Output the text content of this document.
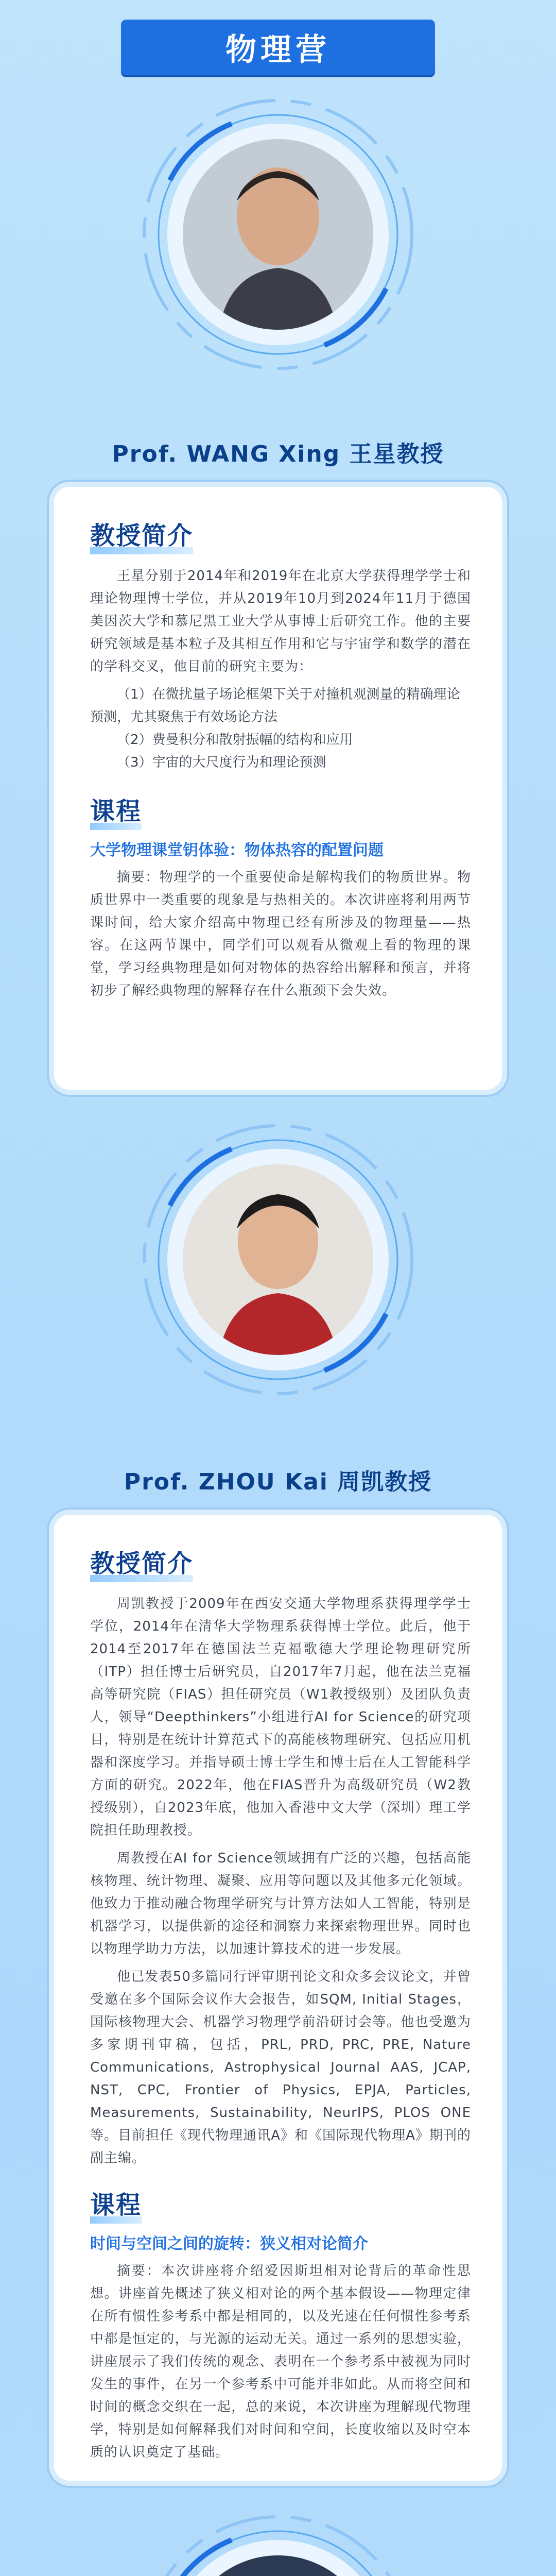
物理营
Prof. WANG Xing 王星教授
教授简介

王星分别于2014年和2019年在北京大学获得理学学士和理论物理博士学位，并从2019年10月到2024年11月于德国美因茨大学和慕尼黑工业大学从事博士后研究工作。他的主要研究领域是基本粒子及其相互作用和它与宇宙学和数学的潜在的学科交叉，他目前的研究主要为：

（1）在微扰量子场论框架下关于对撞机观测量的精确理论预测，尤其聚焦于有效场论方法

（2）费曼积分和散射振幅的结构和应用

（3）宇宙的大尺度行为和理论预测

课程
大学物理课堂钥体验：物体热容的配置问题

摘要：物理学的一个重要使命是解构我们的物质世界。物质世界中一类重要的现象是与热相关的。本次讲座将利用两节课时间，给大家介绍高中物理已经有所涉及的物理量——热容。在这两节课中，同学们可以观看从微观上看的物理的课堂，学习经典物理是如何对物体的热容给出解释和预言，并将初步了解经典物理的解释存在什么瓶颈下会失效。

Prof. ZHOU Kai 周凯教授
教授简介

周凯教授于2009年在西安交通大学物理系获得理学学士学位，2014年在清华大学物理系获得博士学位。此后，他于2014至2017年在德国法兰克福歌德大学理论物理研究所（ITP）担任博士后研究员，自2017年7月起，他在法兰克福高等研究院（FIAS）担任研究员（W1教授级别）及团队负责人，领导“Deepthinkers”小组进行AI for Science的研究项目，特别是在统计计算范式下的高能核物理研究、包括应用机器和深度学习。并指导硕士博士学生和博士后在人工智能科学方面的研究。2022年，他在FIAS晋升为高级研究员（W2教授级别），自2023年底，他加入香港中文大学（深圳）理工学院担任助理教授。

周教授在AI for Science领域拥有广泛的兴趣，包括高能核物理、统计物理、凝聚、应用等问题以及其他多元化领域。他致力于推动融合物理学研究与计算方法如人工智能，特别是机器学习，以提供新的途径和洞察力来探索物理世界。同时也以物理学助力方法，以加速计算技术的进一步发展。

他已发表50多篇同行评审期刊论文和众多会议论文，并曾受邀在多个国际会议作大会报告，如SQM, Initial Stages，国际核物理大会、机器学习物理学前沿研讨会等。他也受邀为多家期刊审稿，包括，PRL, PRD, PRC, PRE, Nature Communications, Astrophysical Journal AAS, JCAP, NST, CPC, Frontier of Physics, EPJA, Particles, Measurements, Sustainability, NeurIPS, PLOS ONE等。目前担任《现代物理通讯A》和《国际现代物理A》期刊的副主编。

课程
时间与空间之间的旋转：狭义相对论简介

摘要：本次讲座将介绍爱因斯坦相对论背后的革命性思想。讲座首先概述了狭义相对论的两个基本假设——物理定律在所有惯性参考系中都是相同的，以及光速在任何惯性参考系中都是恒定的，与光源的运动无关。通过一系列的思想实验，讲座展示了我们传统的观念、表明在一个参考系中被视为同时发生的事件，在另一个参考系中可能并非如此。从而将空间和时间的概念交织在一起，总的来说，本次讲座为理解现代物理学，特别是如何解释我们对时间和空间，长度收缩以及时空本质的认识奠定了基础。
